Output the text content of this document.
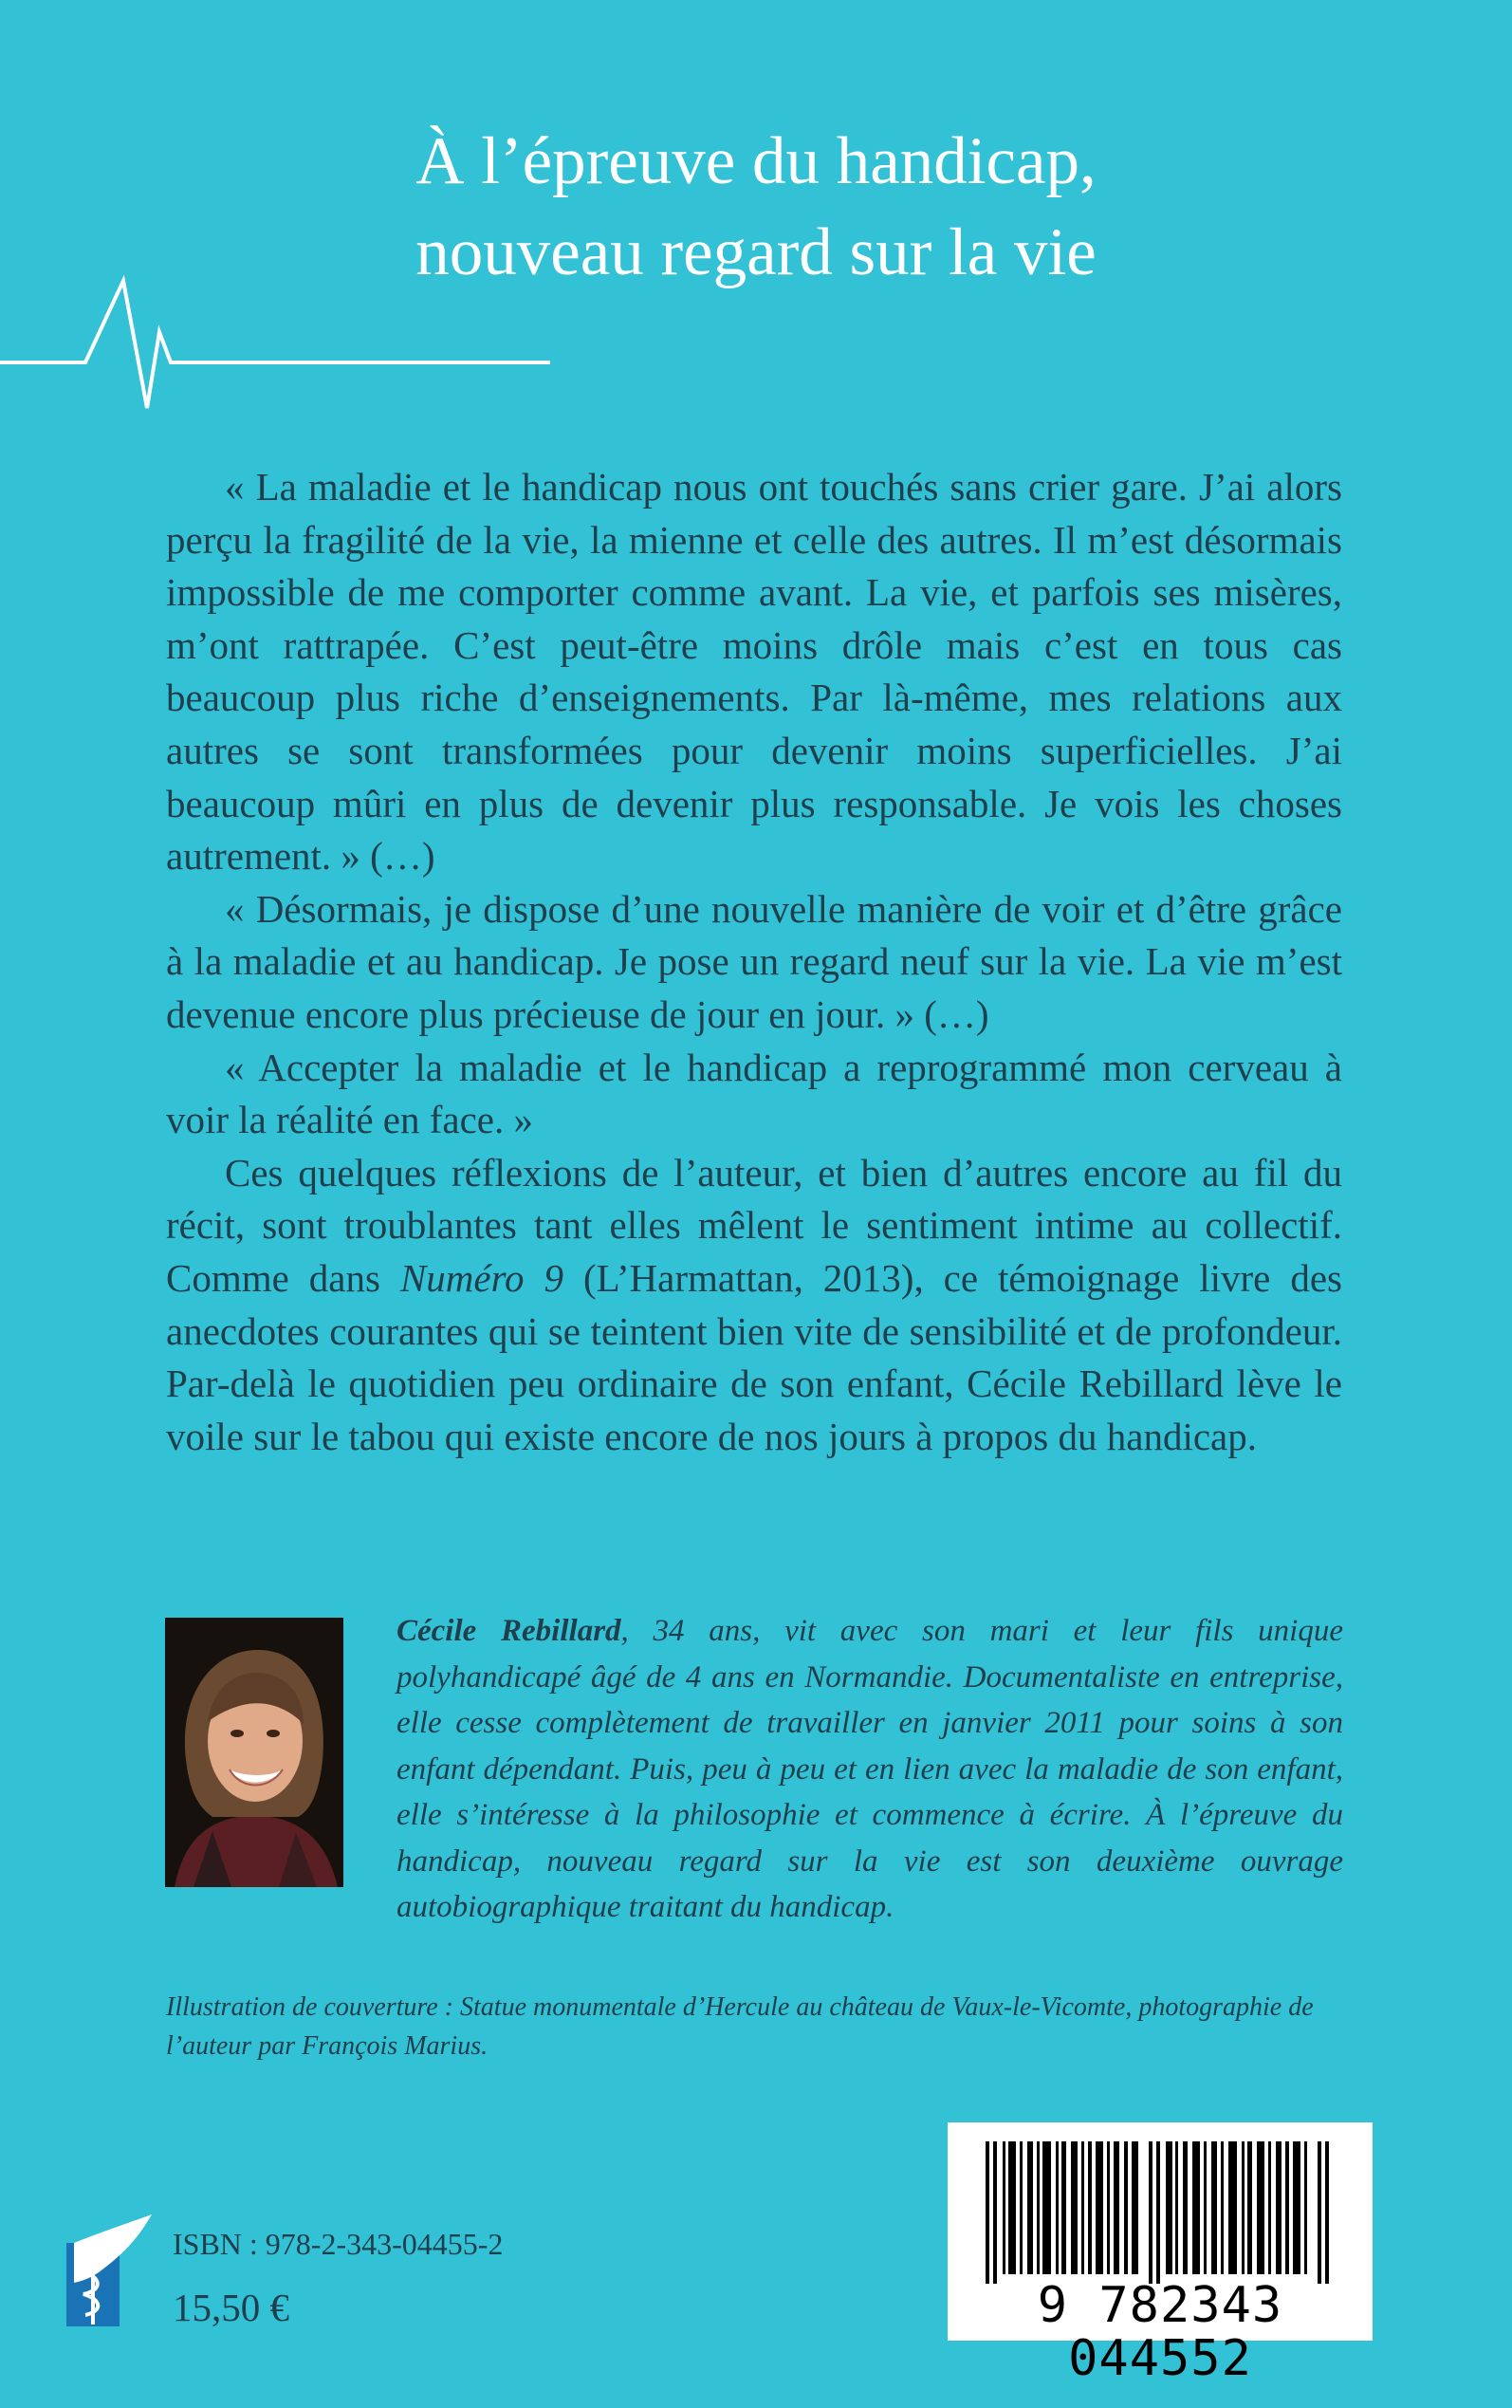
À l’épreuve du handicap,
nouveau regard sur la vie

« La maladie et le handicap nous ont touchés sans crier gare. J’ai alors perçu la fragilité de la vie, la mienne et celle des autres. Il m’est désormais impossible de me comporter comme avant. La vie, et parfois ses misères, m’ont rattrapée. C’est peut-être moins drôle mais c’est en tous cas beaucoup plus riche d’enseignements. Par là-même, mes relations aux autres se sont transformées pour devenir moins superficielles. J’ai beaucoup mûri en plus de devenir plus responsable. Je vois les choses autrement. » (…)

« Désormais, je dispose d’une nouvelle manière de voir et d’être grâce à la maladie et au handicap. Je pose un regard neuf sur la vie. La vie m’est devenue encore plus précieuse de jour en jour. » (…)

« Accepter la maladie et le handicap a reprogrammé mon cerveau à voir la réalité en face. »

Ces quelques réflexions de l’auteur, et bien d’autres encore au fil du récit, sont troublantes tant elles mêlent le sentiment intime au collectif. Comme dans Numéro 9 (L’Harmattan, 2013), ce témoignage livre des anecdotes courantes qui se teintent bien vite de sensibilité et de profondeur. Par-delà le quotidien peu ordinaire de son enfant, Cécile Rebillard lève le voile sur le tabou qui existe encore de nos jours à propos du handicap.

Cécile Rebillard, 34 ans, vit avec son mari et leur fils unique polyhandicapé âgé de 4 ans en Normandie. Documentaliste en entreprise, elle cesse complètement de travailler en janvier 2011 pour soins à son enfant dépendant. Puis, peu à peu et en lien avec la maladie de son enfant, elle s’intéresse à la philosophie et commence à écrire. À l’épreuve du handicap, nouveau regard sur la vie est son deuxième ouvrage autobiographique traitant du handicap.
Illustration de couverture : Statue monumentale d’Hercule au château de Vaux-le-Vicomte, photographie de l’auteur par François Marius.
ISBN : 978-2-343-04455-2
15,50 €	9 782343 044552
